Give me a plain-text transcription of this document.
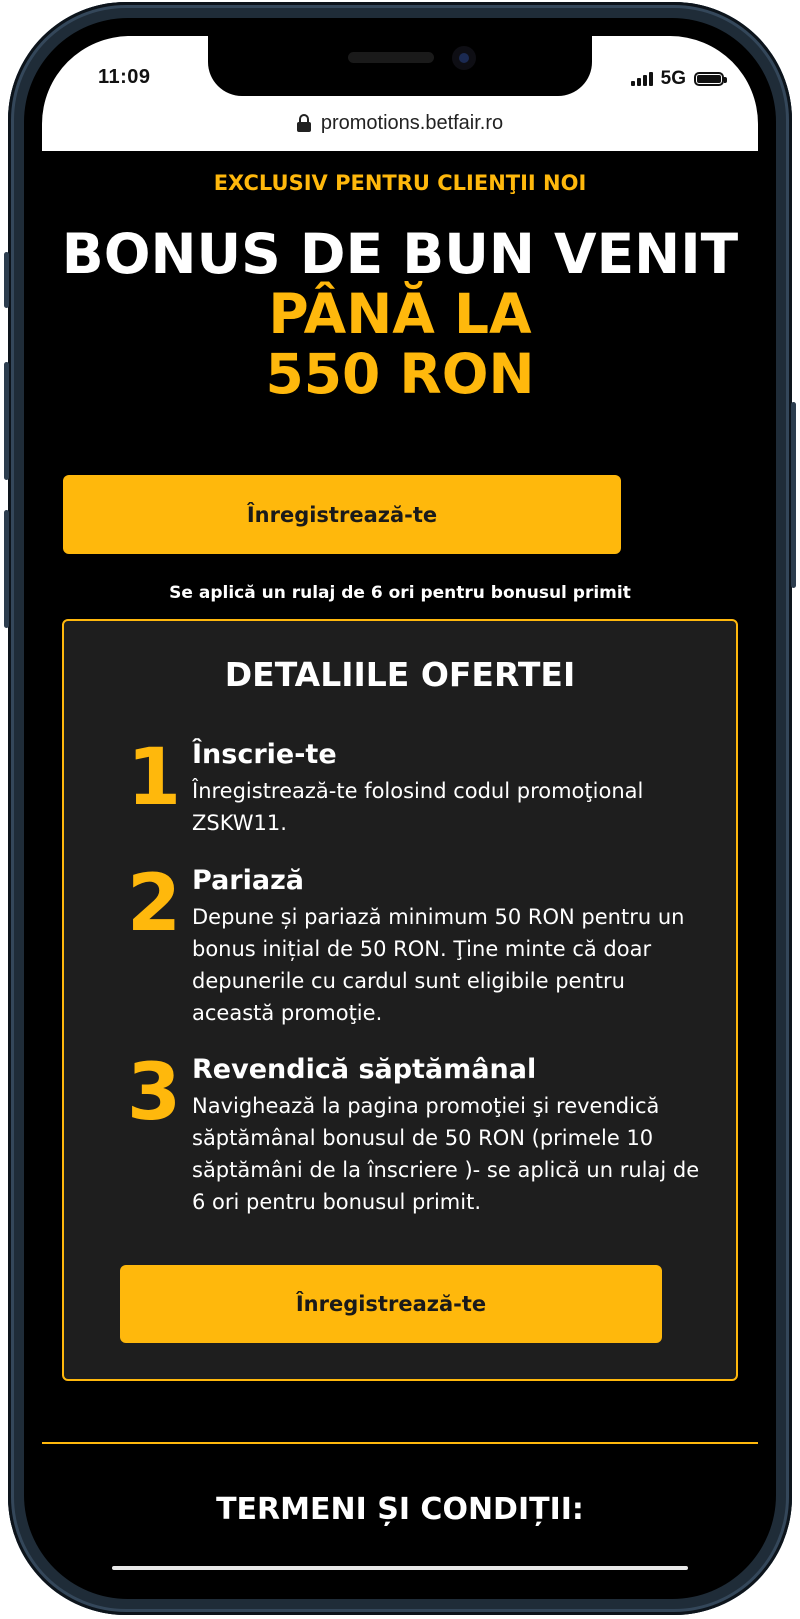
11:09	5G
promotions.betfair.ro
EXCLUSIV PENTRU CLIENŢII NOI
BONUS DE BUN VENIT
PÂNĂ LA
550 RON
Înregistrează-te
Se aplică un rulaj de 6 ori pentru bonusul primit
DETALIILE OFERTEI
1 Înscrie-te
Înregistrează-te folosind codul promoţional ZSKW11.
2 Pariază
Depune și pariază minimum 50 RON pentru un bonus inițial de 50 RON. Ţine minte că doar depunerile cu cardul sunt eligibile pentru această promoţie.
3 Revendică săptămânal
Navighează la pagina promoţiei şi revendică săptămânal bonusul de 50 RON (primele 10 săptămâni de la înscriere )- se aplică un rulaj de 6 ori pentru bonusul primit.
Înregistrează-te
TERMENI ȘI CONDIȚII:
